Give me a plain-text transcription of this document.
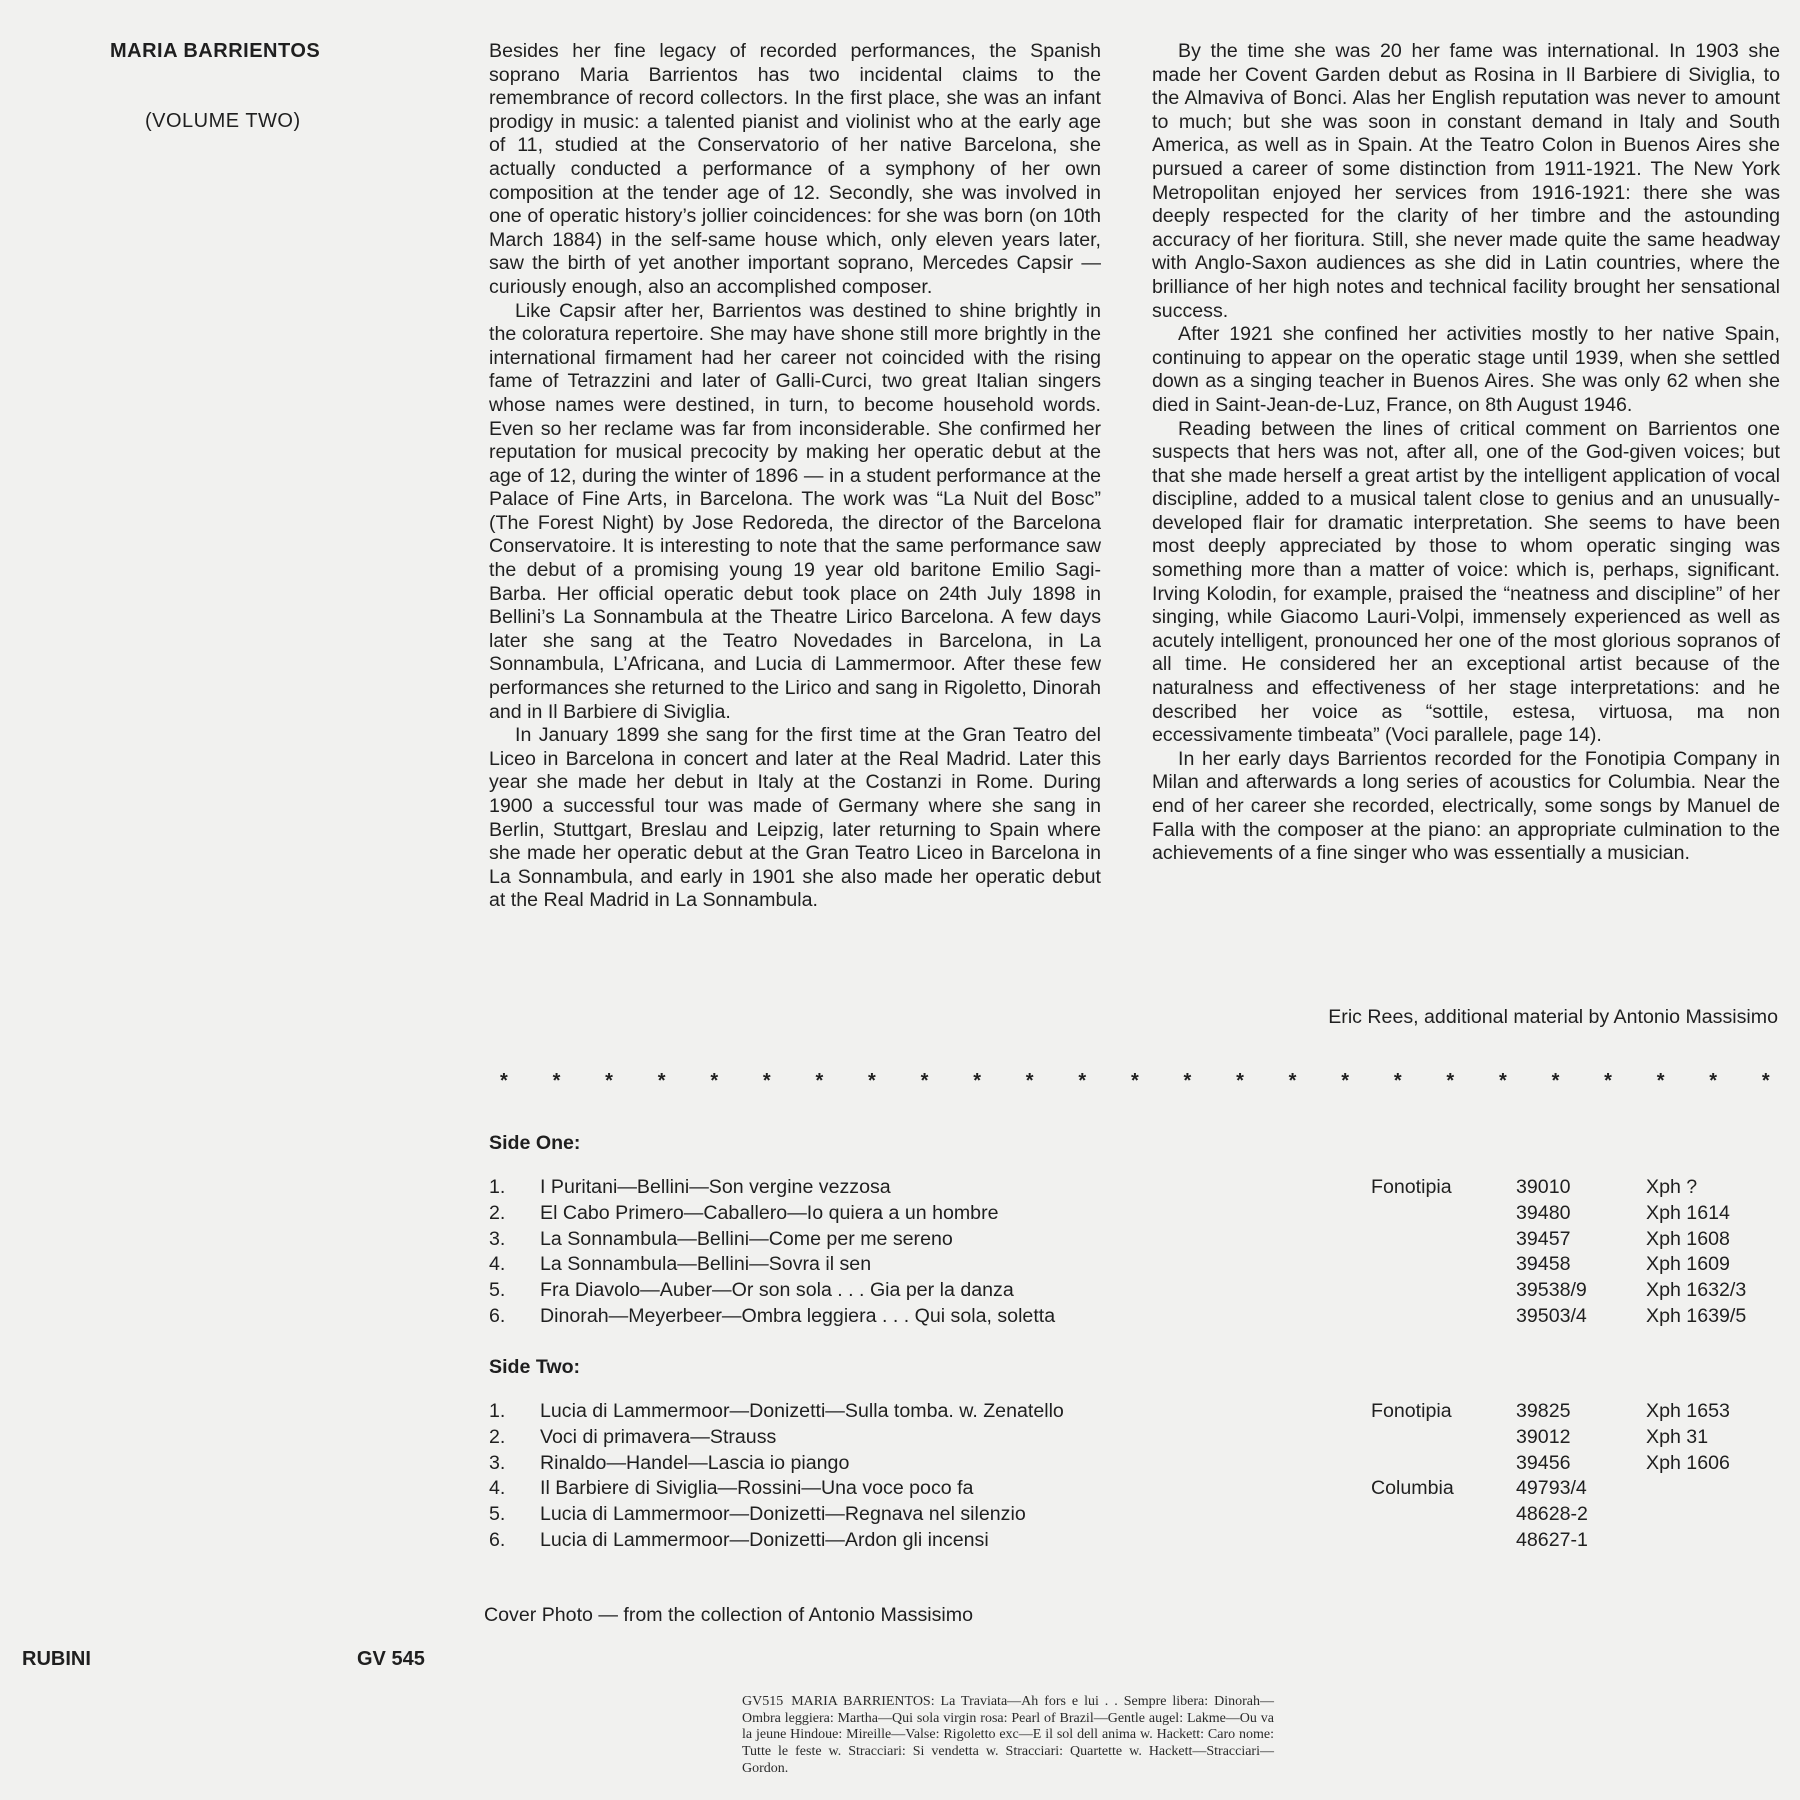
MARIA BARRIENTOS
(VOLUME TWO)

Besides her fine legacy of recorded performances, the Spanish soprano Maria Barrientos has two incidental claims to the remembrance of record collectors. In the first place, she was an infant prodigy in music: a talented pianist and violinist who at the early age of 11, studied at the Conservatorio of her native Barcelona, she actually conducted a performance of a symphony of her own composition at the tender age of 12. Secondly, she was involved in one of operatic history’s jollier coincidences: for she was born (on 10th March 1884) in the self-same house which, only eleven years later, saw the birth of yet another important soprano, Mercedes Capsir — curiously enough, also an accomplished composer.

Like Capsir after her, Barrientos was destined to shine brightly in the coloratura repertoire. She may have shone still more brightly in the international firmament had her career not coincided with the rising fame of Tetrazzini and later of Galli-Curci, two great Italian singers whose names were destined, in turn, to become household words. Even so her reclame was far from inconsiderable. She confirmed her reputation for musical precocity by making her operatic debut at the age of 12, during the winter of 1896 — in a student performance at the Palace of Fine Arts, in Barcelona. The work was “La Nuit del Bosc” (The Forest Night) by Jose Redoreda, the director of the Barcelona Conservatoire. It is interesting to note that the same performance saw the debut of a promising young 19 year old baritone Emilio Sagi-Barba. Her official operatic debut took place on 24th July 1898 in Bellini’s La Sonnambula at the Theatre Lirico Barcelona. A few days later she sang at the Teatro Novedades in Barcelona, in La Sonnambula, L’Africana, and Lucia di Lammermoor. After these few performances she returned to the Lirico and sang in Rigoletto, Dinorah and in Il Barbiere di Siviglia.

In January 1899 she sang for the first time at the Gran Teatro del Liceo in Barcelona in concert and later at the Real Madrid. Later this year she made her debut in Italy at the Costanzi in Rome. During 1900 a successful tour was made of Germany where she sang in Berlin, Stuttgart, Breslau and Leipzig, later returning to Spain where she made her operatic debut at the Gran Teatro Liceo in Barcelona in La Sonnambula, and early in 1901 she also made her operatic debut at the Real Madrid in La Sonnambula.

By the time she was 20 her fame was international. In 1903 she made her Covent Garden debut as Rosina in Il Barbiere di Siviglia, to the Almaviva of Bonci. Alas her English reputation was never to amount to much; but she was soon in constant demand in Italy and South America, as well as in Spain. At the Teatro Colon in Buenos Aires she pursued a career of some distinction from 1911-1921. The New York Metropolitan enjoyed her services from 1916-1921: there she was deeply respected for the clarity of her timbre and the astounding accuracy of her fioritura. Still, she never made quite the same headway with Anglo-Saxon audiences as she did in Latin countries, where the brilliance of her high notes and technical facility brought her sensational success.

After 1921 she confined her activities mostly to her native Spain, continuing to appear on the operatic stage until 1939, when she settled down as a singing teacher in Buenos Aires. She was only 62 when she died in Saint-Jean-de-Luz, France, on 8th August 1946.

Reading between the lines of critical comment on Barrientos one suspects that hers was not, after all, one of the God-given voices; but that she made herself a great artist by the intelligent application of vocal discipline, added to a musical talent close to genius and an unusually-developed flair for dramatic interpretation. She seems to have been most deeply appreciated by those to whom operatic singing was something more than a matter of voice: which is, perhaps, significant. Irving Kolodin, for example, praised the “neatness and discipline” of her singing, while Giacomo Lauri-Volpi, immensely experienced as well as acutely intelligent, pronounced her one of the most glorious sopranos of all time. He considered her an exceptional artist because of the naturalness and effectiveness of her stage interpretations: and he described her voice as “sottile, estesa, virtuosa, ma non eccessivamente timbeata” (Voci parallele, page 14).

In her early days Barrientos recorded for the Fonotipia Company in Milan and afterwards a long series of acoustics for Columbia. Near the end of her career she recorded, electrically, some songs by Manuel de Falla with the composer at the piano: an appropriate culmination to the achievements of a fine singer who was essentially a musician.

Eric Rees, additional material by Antonio Massisimo
* * * * * * * * * * * * * * * * * * * * * * * * *
Side One:
1. I Puritani—Bellini—Son vergine vezzosa	Fonotipia	39010	Xph ?
2. El Cabo Primero—Caballero—Io quiera a un hombre	39480	Xph 1614
3. La Sonnambula—Bellini—Come per me sereno	39457	Xph 1608
4. La Sonnambula—Bellini—Sovra il sen	39458	Xph 1609
5. Fra Diavolo—Auber—Or son sola . . . Gia per la danza	39538/9	Xph 1632/3
6. Dinorah—Meyerbeer—Ombra leggiera . . . Qui sola, soletta	39503/4	Xph 1639/5
Side Two:
1. Lucia di Lammermoor—Donizetti—Sulla tomba. w. Zenatello	Fonotipia	39825	Xph 1653
2. Voci di primavera—Strauss	39012	Xph 31
3. Rinaldo—Handel—Lascia io piango	39456	Xph 1606
4. Il Barbiere di Siviglia—Rossini—Una voce poco fa	Columbia	49793/4
5. Lucia di Lammermoor—Donizetti—Regnava nel silenzio	48628-2
6. Lucia di Lammermoor—Donizetti—Ardon gli incensi	48627-1
Cover Photo — from the collection of Antonio Massisimo
RUBINI	GV 545
GV515 MARIA BARRIENTOS: La Traviata—Ah fors e lui . . Sempre libera: Dinorah—Ombra leggiera: Martha—Qui sola virgin rosa: Pearl of Brazil—Gentle augel: Lakme—Ou va la jeune Hindoue: Mireille—Valse: Rigoletto exc—E il sol dell anima w. Hackett: Caro nome: Tutte le feste w. Stracciari: Si vendetta w. Stracciari: Quartette w. Hackett—Stracciari—Gordon.
